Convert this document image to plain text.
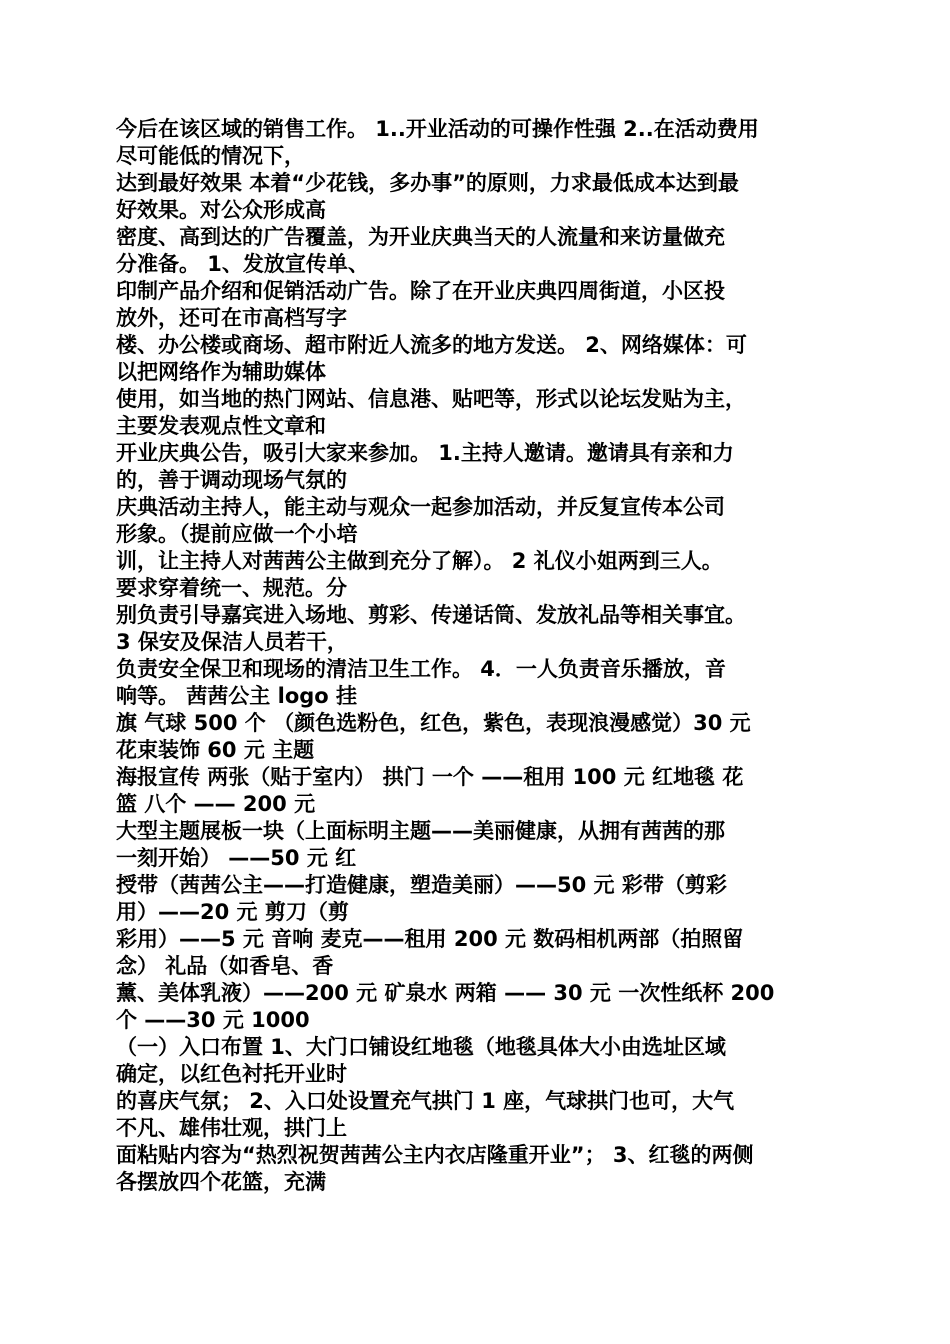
今后在该区域的销售工作。 1..开业活动的可操作性强 2..在活动费用
尽可能低的情况下，
达到最好效果 本着“少花钱，多办事”的原则，力求最低成本达到最
好效果。对公众形成高
密度、高到达的广告覆盖，为开业庆典当天的人流量和来访量做充
分准备。 1、发放宣传单、
印制产品介绍和促销活动广告。除了在开业庆典四周街道，小区投
放外，还可在市高档写字
楼、办公楼或商场、超市附近人流多的地方发送。 2、网络媒体：可
以把网络作为辅助媒体
使用，如当地的热门网站、信息港、贴吧等，形式以论坛发贴为主，
主要发表观点性文章和
开业庆典公告，吸引大家来参加。 1.主持人邀请。邀请具有亲和力
的，善于调动现场气氛的
庆典活动主持人，能主动与观众一起参加活动，并反复宣传本公司
形象。（提前应做一个小培
训，让主持人对茜茜公主做到充分了解）。 2 礼仪小姐两到三人。
要求穿着统一、规范。分
别负责引导嘉宾进入场地、剪彩、传递话筒、发放礼品等相关事宜。
3 保安及保洁人员若干，
负责安全保卫和现场的清洁卫生工作。 4．一人负责音乐播放，音
响等。 茜茜公主 logo 挂
旗 气球 500 个 （颜色选粉色，红色，紫色，表现浪漫感觉）30 元
花束装饰 60 元 主题
海报宣传 两张（贴于室内） 拱门 一个 ——租用 100 元 红地毯 花
篮 八个 —— 200 元
大型主题展板一块（上面标明主题——美丽健康，从拥有茜茜的那
一刻开始） ——50 元 红
授带（茜茜公主——打造健康，塑造美丽）——50 元 彩带（剪彩
用）——20 元 剪刀（剪
彩用）——5 元 音响 麦克——租用 200 元 数码相机两部（拍照留
念） 礼品（如香皂、香
薰、美体乳液）——200 元 矿泉水 两箱 —— 30 元 一次性纸杯 200
个 ——30 元 1000
（一）入口布置 1、大门口铺设红地毯（地毯具体大小由选址区域
确定，以红色衬托开业时
的喜庆气氛； 2、入口处设置充气拱门 1 座，气球拱门也可，大气
不凡、雄伟壮观，拱门上
面粘贴内容为“热烈祝贺茜茜公主内衣店隆重开业”； 3、红毯的两侧
各摆放四个花篮，充满
